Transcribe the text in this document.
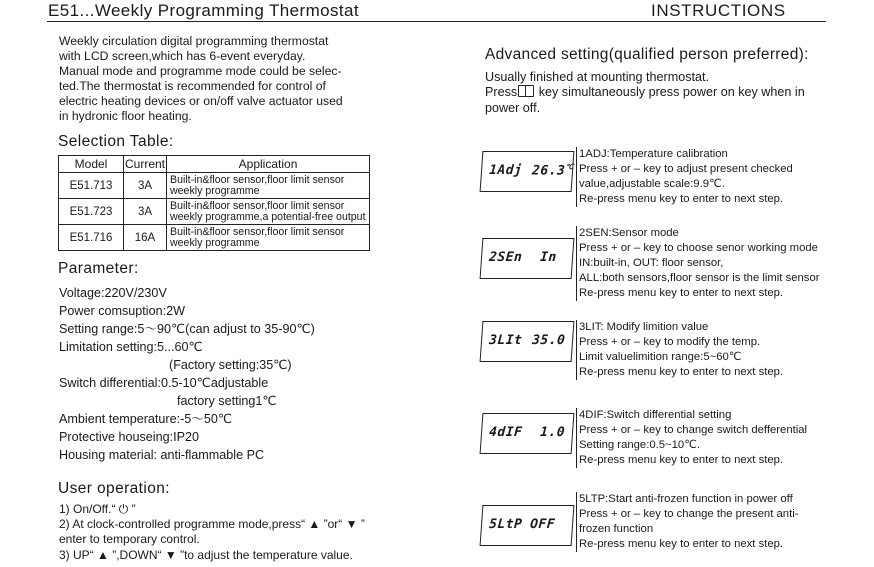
E51...Weekly Programming Thermostat	INSTRUCTIONS

Weekly circulation digital programming thermostat

with LCD screen,which has 6-event everyday.

Manual mode and programme mode could be selec-

ted.The thermostat is recommended for control of

electric heating devices or on/off valve actuator used

in hydronic floor heating.

Selection Table:
Model	Current	Application
E51.713	3A	Built-in&floor sensor,floor limit sensor
weekly programme

E51.723	3A	Built-in&floor sensor,floor limit sensor
weekly programme,a potential-free output

E51.716	16A	Built-in&floor sensor,floor limit sensor
weekly programme
Parameter:
Voltage:220V/230V
Power comsuption:2W
Setting range:5～90℃(can adjust to 35-90℃)
Limitation setting:5...60℃
(Factory setting:35℃)
Switch differential:0.5-10℃adjustable
factory setting1℃
Ambient temperature:-5～50℃
Protective houseing:IP20
Housing material: anti-flammable PC
User operation:
1) On/Off.“ ⏻ ”
2) At clock-controlled programme mode,press“ ▲ ”or“ ▼ ”
enter to temporary control.
3) UP“ ▲ ”,DOWN“ ▼ ”to adjust the temperature value.
Advanced setting(qualified person preferred):

Usually finished at mounting thermostat.

Press key simultaneously press power on key when in

power off.

1Adj 26.3℃
1ADJ:Temperature calibration
Press + or – key to adjust present checked
value,adjustable scale:9.9℃.
Re-press menu key to enter to next step.
2SEn In
2SEN:Sensor mode
Press + or – key to choose senor working mode
IN:built-in, OUT: floor sensor,
ALL:both sensors,floor sensor is the limit sensor
Re-press menu key to enter to next step.
3LIt 35.0
3LIT: Modify limition value
Press + or – key to modify the temp.
Limit valuelimition range:5~60℃
Re-press menu key to enter to next step.
4dIF 1.0
4DIF:Switch differential setting
Press + or – key to change switch defferential
Setting range:0.5~10℃.
Re-press menu key to enter to next step.
5LtP OFF
5LTP:Start anti-frozen function in power off
Press + or – key to change the present anti-
frozen function
Re-press menu key to enter to next step.
